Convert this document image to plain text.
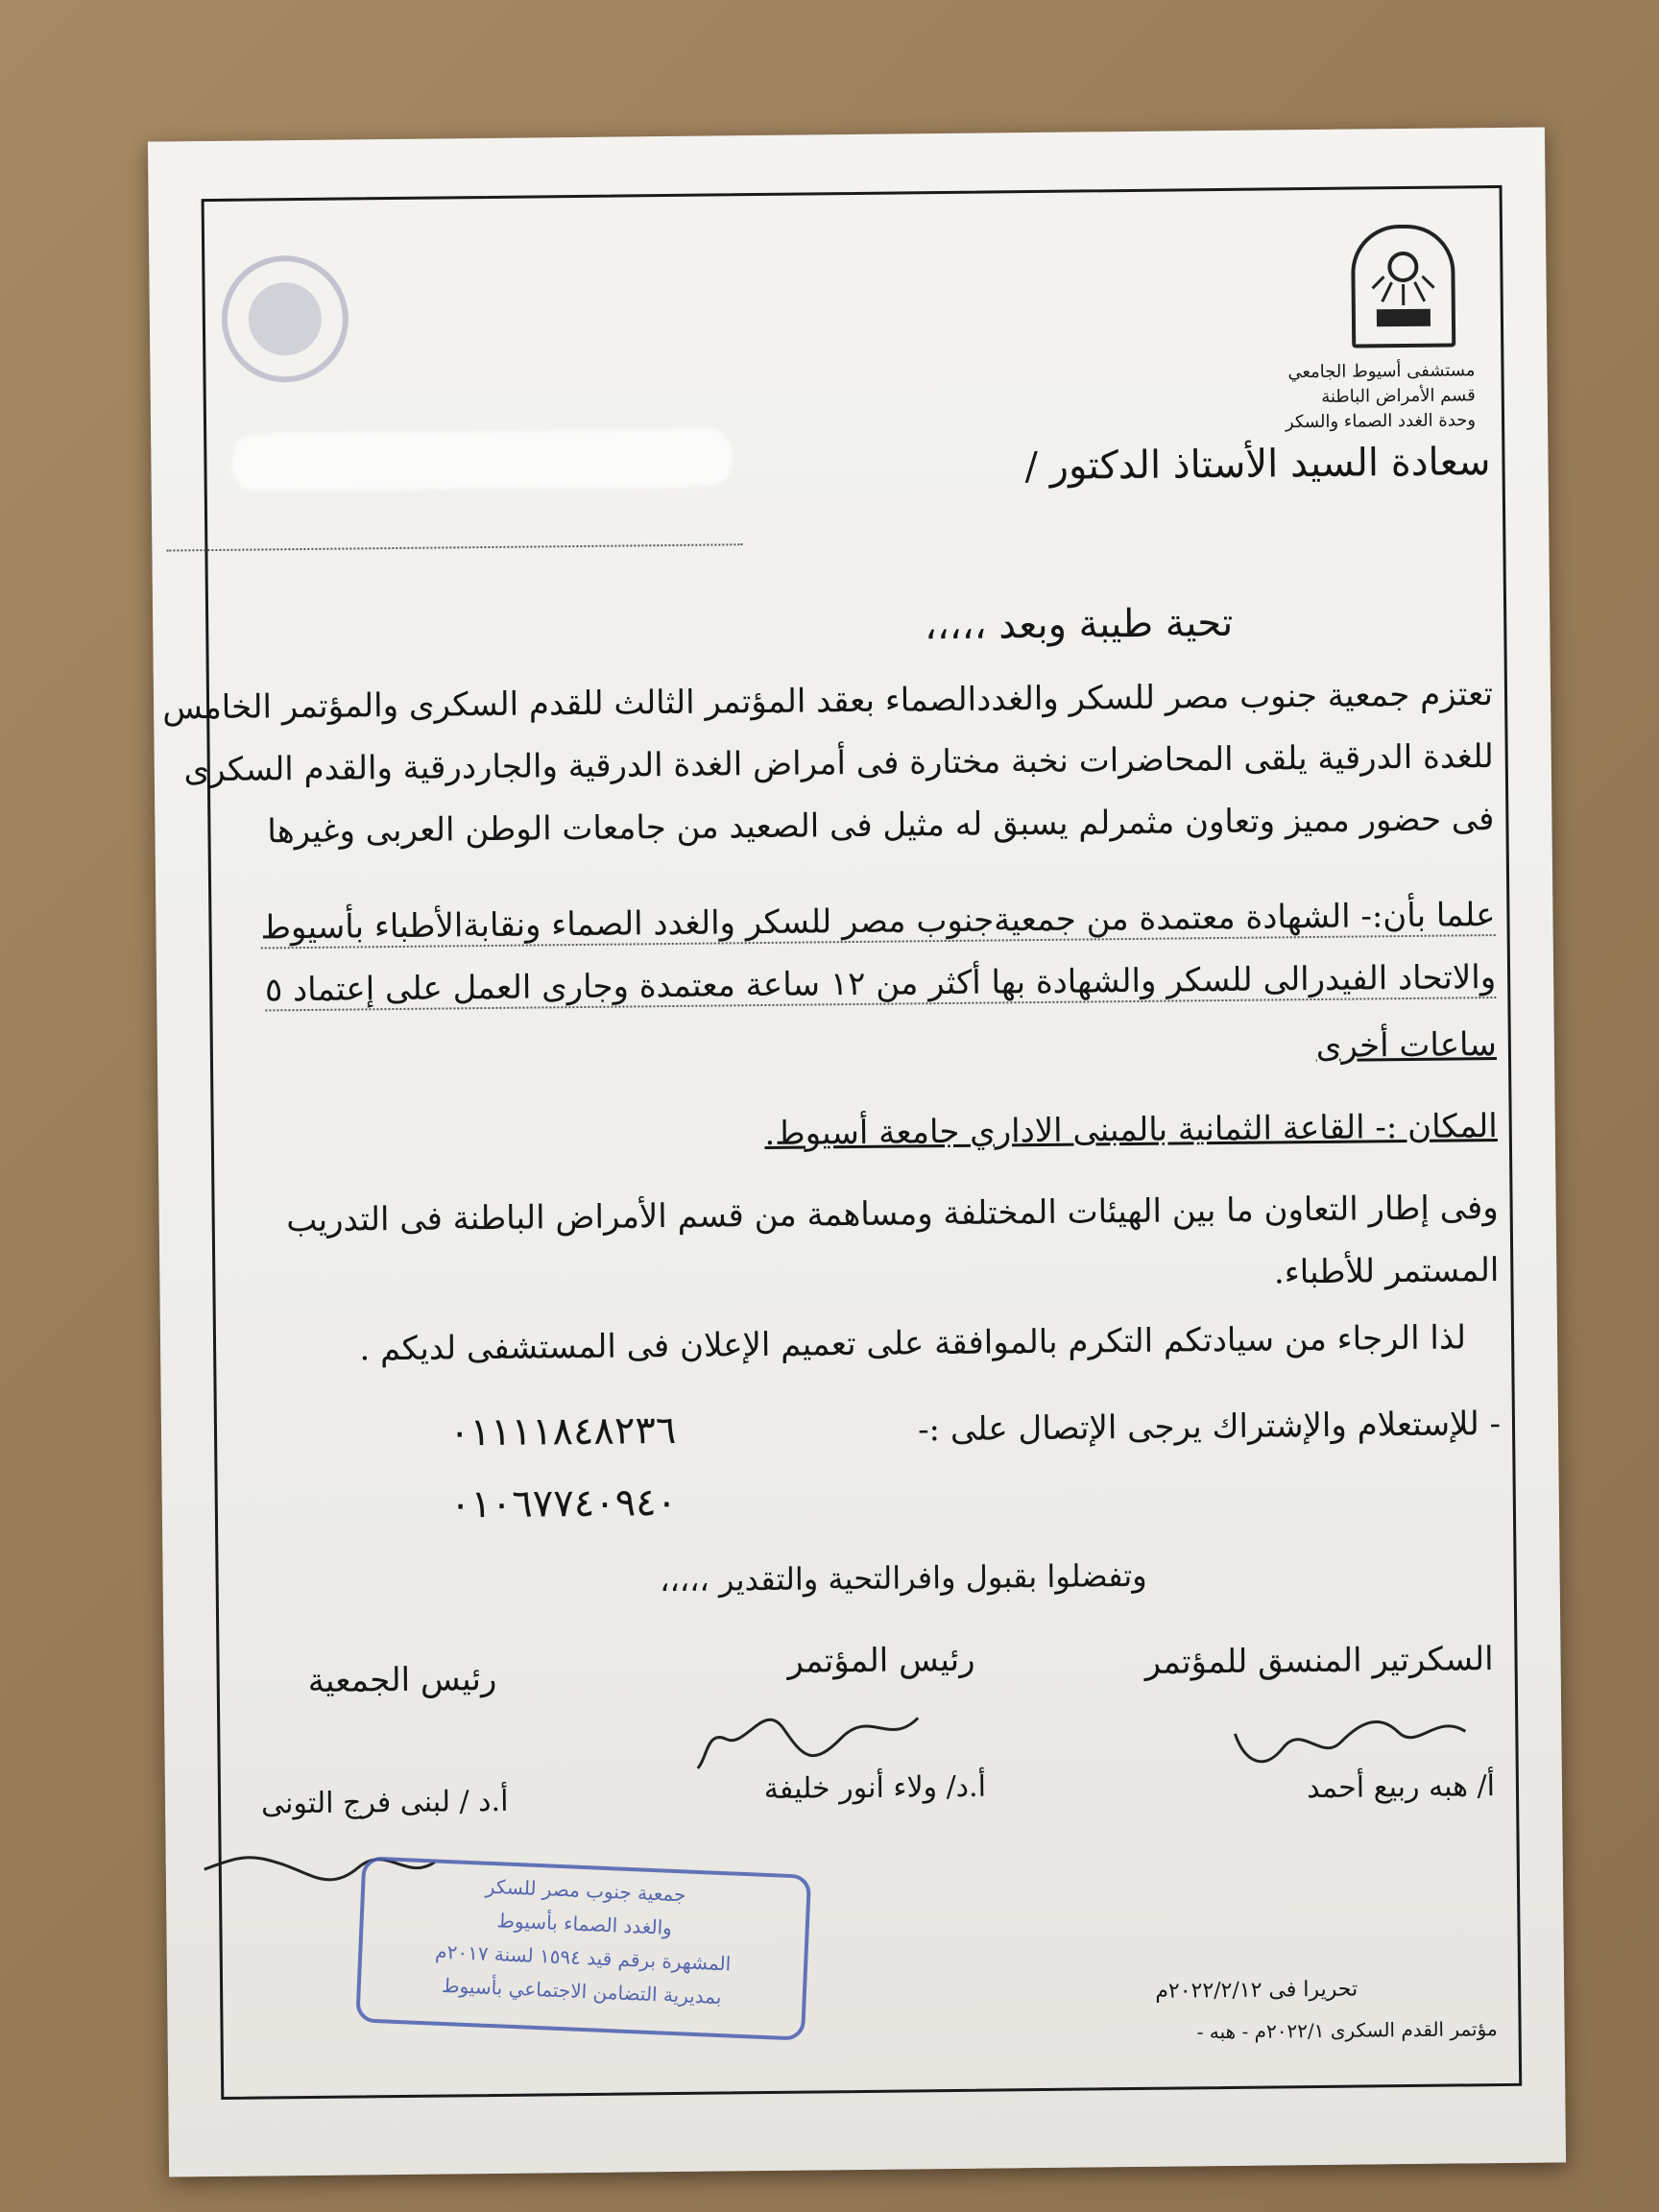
مستشفى أسيوط الجامعي
قسم الأمراض الباطنة
وحدة الغدد الصماء والسكر
سعادة السيد الأستاذ الدكتور /
تحية طيبة وبعد ،،،،،
تعتزم جمعية جنوب مصر للسكر والغددالصماء بعقد المؤتمر الثالث للقدم السكرى والمؤتمر الخامس
للغدة الدرقية يلقى المحاضرات نخبة مختارة فى أمراض الغدة الدرقية والجاردرقية والقدم السكرى
فى حضور مميز وتعاون مثمرلم يسبق له مثيل فى الصعيد من جامعات الوطن العربى وغيرها
علما بأن:- الشهادة معتمدة من جمعيةجنوب مصر للسكر والغدد الصماء ونقابةالأطباء بأسيوط
والاتحاد الفيدرالى للسكر والشهادة بها أكثر من ١٢ ساعة معتمدة وجارى العمل على إعتماد ٥
ساعات أخرى
المكان :- القاعة الثمانية بالمبنى الاداري جامعة أسيوط.
وفى إطار التعاون ما بين الهيئات المختلفة ومساهمة من قسم الأمراض الباطنة فى التدريب
المستمر للأطباء.
لذا الرجاء من سيادتكم التكرم بالموافقة على تعميم الإعلان فى المستشفى لديكم .
- للإستعلام والإشتراك يرجى الإتصال على :-
٠١١١١٨٤٨٢٣٦
٠١٠٦٧٧٤٠٩٤٠
وتفضلوا بقبول وافرالتحية والتقدير ،،،،،
السكرتير المنسق للمؤتمر
رئيس المؤتمر
رئيس الجمعية
أ/ هبه ربيع أحمد
أ.د/ ولاء أنور خليفة
أ.د / لبنى فرج التونى
جمعية جنوب مصر للسكر
والغدد الصماء بأسيوط
المشهرة برقم قيد ١٥٩٤ لسنة ٢٠١٧م
بمديرية التضامن الاجتماعي بأسيوط	تحريرا فى ٢٠٢٢/٢/١٢م
مؤتمر القدم السكرى ٢٠٢٢/١م - هبه -
